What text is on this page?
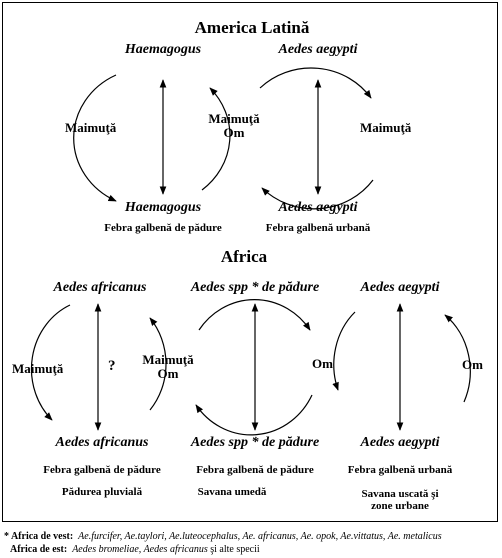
America Latină
Haemagogus
Haemagogus
Maimuţă
Febra galbenă de pădure
Maimuţă
Om
Aedes aegypti
Aedes aegypti
Maimuţă
Febra galbenă urbană
Africa
Aedes africanus
Aedes africanus
Maimuţă	?
Febra galbenă de pădure
Pădurea pluvială
Maimuţă
Om
Aedes spp * de pădure
Aedes spp * de pădure
Om
Febra galbenă de pădure
Savana umedă
Aedes aegypti
Aedes aegypti
Om
Febra galbenă urbană
Savana uscată şi
zone urbane
* Africa de vest: Ae.furcifer, Ae.taylori, Ae.luteocephalus, Ae. africanus, Ae. opok, Ae.vittatus, Ae. metalicus
Africa de est: Aedes bromeliae, Aedes africanus şi alte specii
